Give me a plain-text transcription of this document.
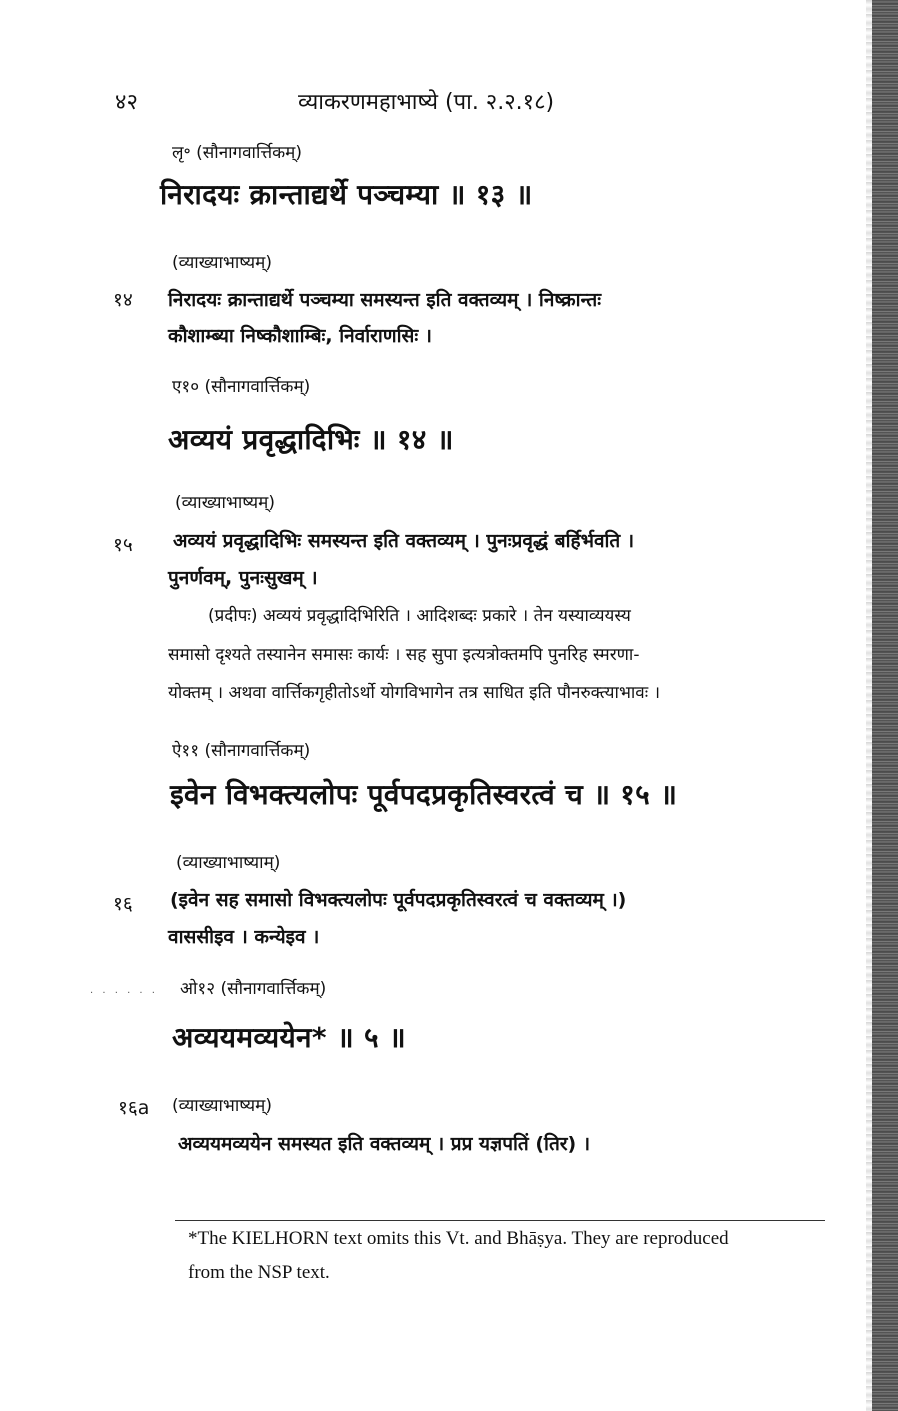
४२	व्याकरणमहाभाष्ये (पा. २.२.१८)
लृ॰ (सौनागवार्त्तिकम्)
निरादयः क्रान्ताद्यर्थे पञ्चम्या ॥ १३ ॥
(व्याख्याभाष्यम्)
१४ निरादयः क्रान्ताद्यर्थे पञ्चम्या समस्यन्त इति वक्तव्यम् । निष्क्रान्तः
कौशाम्ब्या निष्कौशाम्बिः, निर्वाराणसिः ।
ए१० (सौनागवार्त्तिकम्)
अव्ययं प्रवृद्धादिभिः ॥ १४ ॥
(व्याख्याभाष्यम्)
१५ अव्ययं प्रवृद्धादिभिः समस्यन्त इति वक्तव्यम् । पुनःप्रवृद्धं बर्हिर्भवति ।
पुनर्णवम्, पुनःसुखम् ।
(प्रदीपः) अव्ययं प्रवृद्धादिभिरिति । आदिशब्दः प्रकारे । तेन यस्याव्ययस्य
समासो दृश्यते तस्यानेन समासः कार्यः । सह सुपा इत्यत्रोक्तमपि पुनरिह स्मरणा-
योक्तम् । अथवा वार्त्तिकगृहीतोऽर्थो योगविभागेन तत्र साधित इति पौनरुक्त्याभावः ।
ऐ११ (सौनागवार्त्तिकम्)
इवेन विभक्त्यलोपः पूर्वपदप्रकृतिस्वरत्वं च ॥ १५ ॥
(व्याख्याभाष्याम्)
१६ (इवेन सह समासो विभक्त्यलोपः पूर्वपदप्रकृतिस्वरत्वं च वक्तव्यम् ।)
वाससीइव । कन्येइव ।
. . . . . . ओ१२ (सौनागवार्त्तिकम्)
अव्ययमव्ययेन* ॥ ५ ॥
१६a (व्याख्याभाष्यम्)
अव्ययमव्ययेन समस्यत इति वक्तव्यम् । प्रप्र यज्ञपतिं (तिर) ।
*The KIELHORN text omits this Vt. and Bhāṣya. They are reproduced
from the NSP text.
